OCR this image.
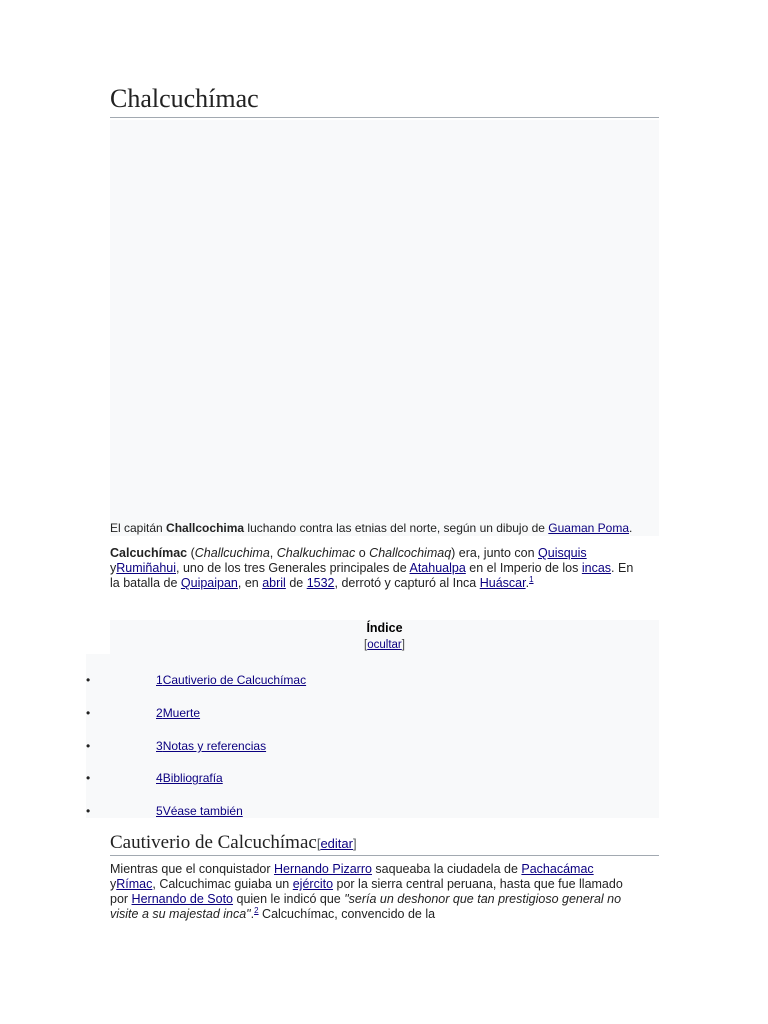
Chalcuchímac
El capitán Challcochima luchando contra las etnias del norte, según un dibujo de Guaman Poma.

Calcuchímac (Challcuchima, Chalkuchimac o Challcochimaq) era, junto con Quisquis yRumiñahui, uno de los tres Generales principales de Atahualpa en el Imperio de los incas. En la batalla de Quipaipan, en abril de 1532, derrotó y capturó al Inca Huáscar.$^1$

Índice
[ocultar]
•	1Cautiverio de Calcuchímac
•	2Muerte
•	3Notas y referencias
•	4Bibliografía
•	5Véase también
Cautiverio de Calcuchímac[editar]

Mientras que el conquistador Hernando Pizarro saqueaba la ciudadela de Pachacámac yRímac, Calcuchimac guiaba un ejército por la sierra central peruana, hasta que fue llamado por Hernando de Soto quien le indicó que "sería un deshonor que tan prestigioso general no visite a su majestad inca".$^2$ Calcuchímac, convencido de la
